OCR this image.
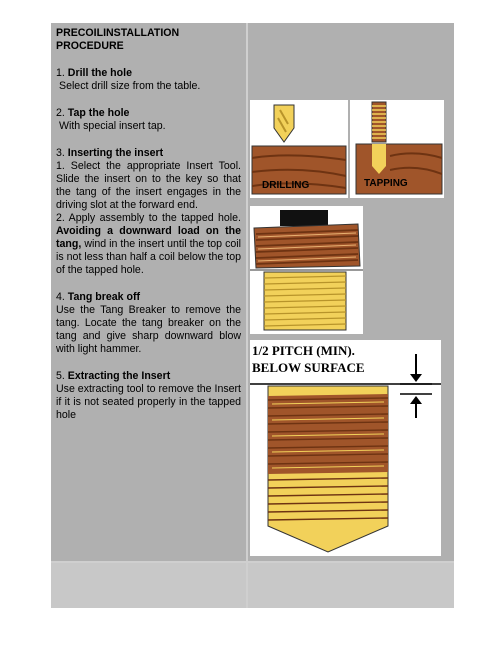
PRECOILINSTALLATION PROCEDURE
1. Drill the hole

Select drill size from the table.

2. Tap the hole

With special insert tap.

3. Inserting the insert

1. Select the appropriate Insert Tool. Slide the insert on to the key so that the tang of the insert engages in the driving slot at the forward end.

2. Apply assembly to the tapped hole. Avoiding a downward load on the tang, wind in the insert until the top coil is not less than half a coil below the top of the tapped hole.

4. Tang break off

Use the Tang Breaker to remove the tang. Locate the tang breaker on the tang and give sharp downward blow with light hammer.

5. Extracting the Insert

Use extracting tool to remove the Insert if it is not seated properly in the tapped hole

DRILLING	TAPPING
1/2 PITCH (MIN).
BELOW SURFACE
